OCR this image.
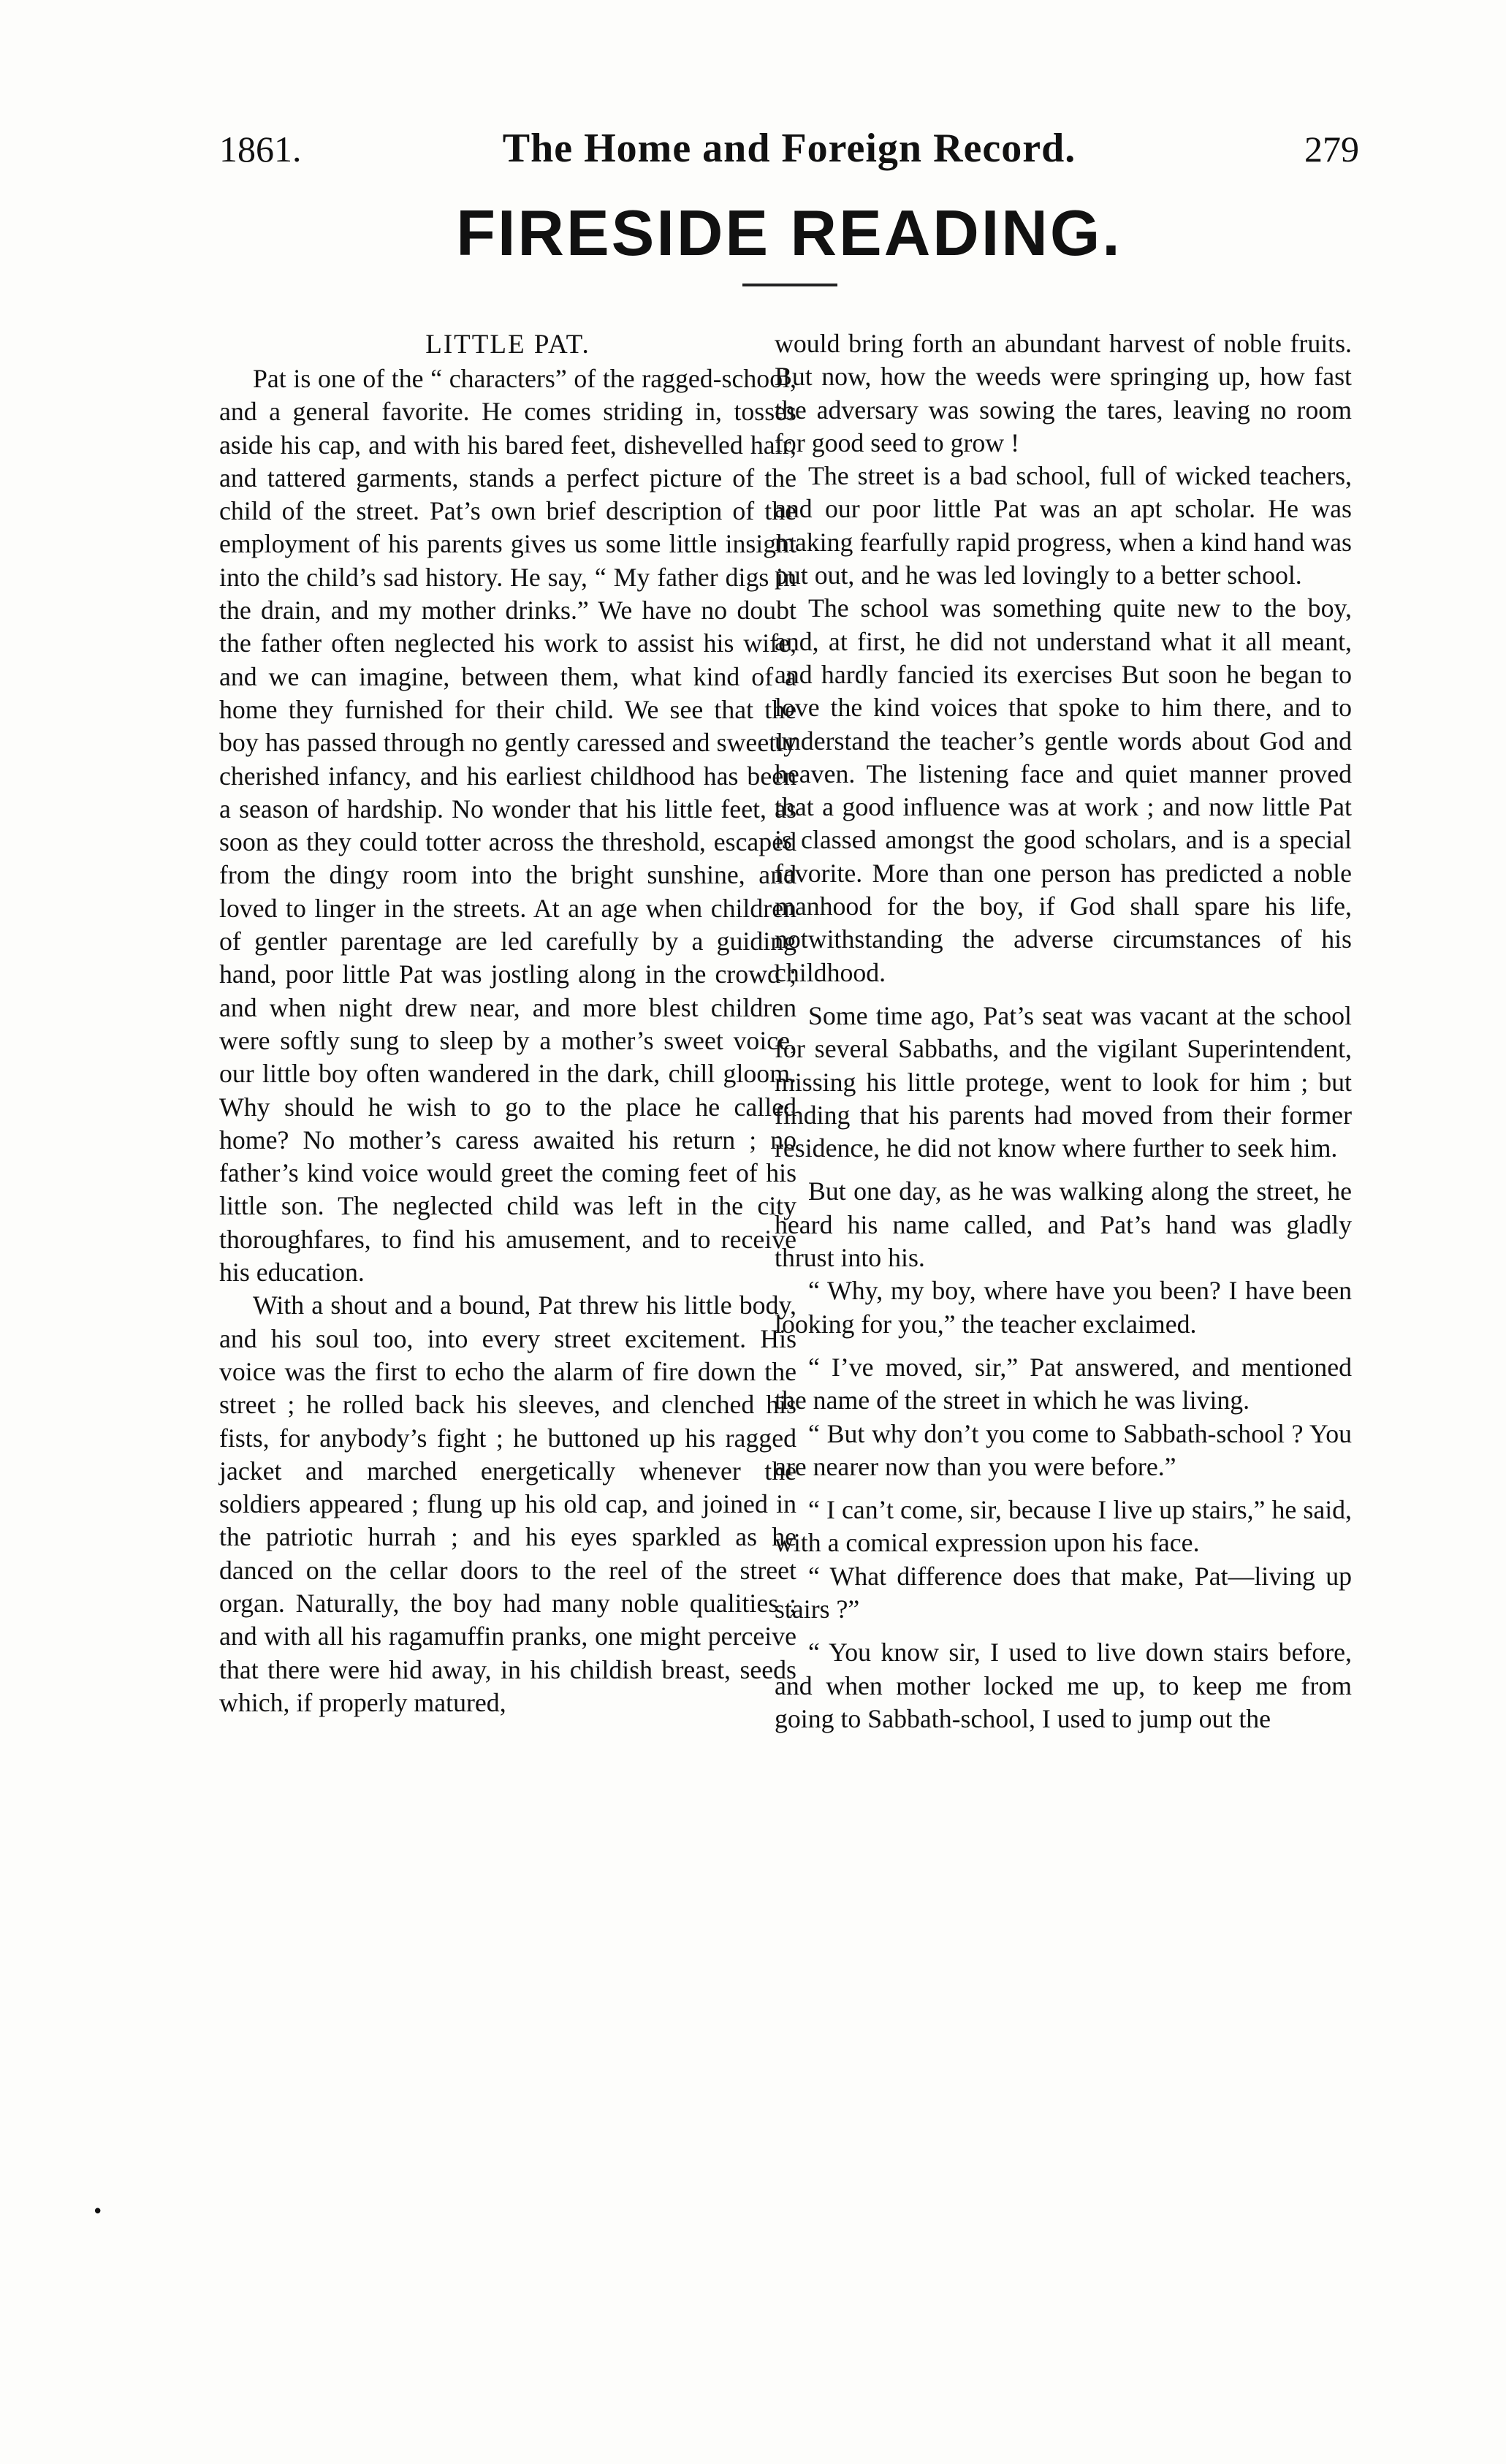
1861.	The Home and Foreign Record.	279
FIRESIDE READING.
LITTLE PAT.

Pat is one of the “ characters” of the ragged-school, and a general favorite. He comes striding in, tosses aside his cap, and with his bared feet, dishevelled hair, and tattered garments, stands a perfect picture of the child of the street. Pat’s own brief description of the employment of his parents gives us some little insight into the child’s sad history. He say, “ My father digs in the drain, and my mother drinks.” We have no doubt the father often neglected his work to assist his wife, and we can imagine, between them, what kind of a home they furnished for their child. We see that the boy has passed through no gently caressed and sweetly cherished infancy, and his earliest childhood has been a season of hardship. No wonder that his little feet, as soon as they could totter across the threshold, escaped from the dingy room into the bright sunshine, and loved to linger in the streets. At an age when children of gentler parentage are led carefully by a guiding hand, poor little Pat was jostling along in the crowd ; and when night drew near, and more blest children were softly sung to sleep by a mother’s sweet voice, our little boy often wandered in the dark, chill gloom. Why should he wish to go to the place he called home? No mother’s caress awaited his return ; no father’s kind voice would greet the coming feet of his little son. The neglected child was left in the city thoroughfares, to find his amusement, and to receive his education.

With a shout and a bound, Pat threw his little body, and his soul too, into every street excitement. His voice was the first to echo the alarm of fire down the street ; he rolled back his sleeves, and clenched his fists, for anybody’s fight ; he buttoned up his ragged jacket and marched energetically whenever the soldiers appeared ; flung up his old cap, and joined in the patriotic hurrah ; and his eyes sparkled as he danced on the cellar doors to the reel of the street organ. Naturally, the boy had many noble qualities ; and with all his ragamuffin pranks, one might perceive that there were hid away, in his childish breast, seeds which, if properly matured,

would bring forth an abundant harvest of noble fruits. But now, how the weeds were springing up, how fast the adversary was sowing the tares, leaving no room for good seed to grow !

The street is a bad school, full of wicked teachers, and our poor little Pat was an apt scholar. He was making fearfully rapid progress, when a kind hand was put out, and he was led lovingly to a better school.

The school was something quite new to the boy, and, at first, he did not understand what it all meant, and hardly fancied its exercises But soon he began to love the kind voices that spoke to him there, and to understand the teacher’s gentle words about God and heaven. The listening face and quiet manner proved that a good influence was at work ; and now little Pat is classed amongst the good scholars, and is a special favorite. More than one person has predicted a noble manhood for the boy, if God shall spare his life, notwithstanding the adverse circumstances of his childhood.

Some time ago, Pat’s seat was vacant at the school for several Sabbaths, and the vigilant Superintendent, missing his little protege, went to look for him ; but finding that his parents had moved from their former residence, he did not know where further to seek him.

But one day, as he was walking along the street, he heard his name called, and Pat’s hand was gladly thrust into his.

“ Why, my boy, where have you been? I have been looking for you,” the teacher exclaimed.

“ I’ve moved, sir,” Pat answered, and mentioned the name of the street in which he was living.

“ But why don’t you come to Sabbath-school ? You are nearer now than you were before.”

“ I can’t come, sir, because I live up stairs,” he said, with a comical expression upon his face.

“ What difference does that make, Pat—living up stairs ?”

“ You know sir, I used to live down stairs before, and when mother locked me up, to keep me from going to Sabbath-school, I used to jump out the

•
